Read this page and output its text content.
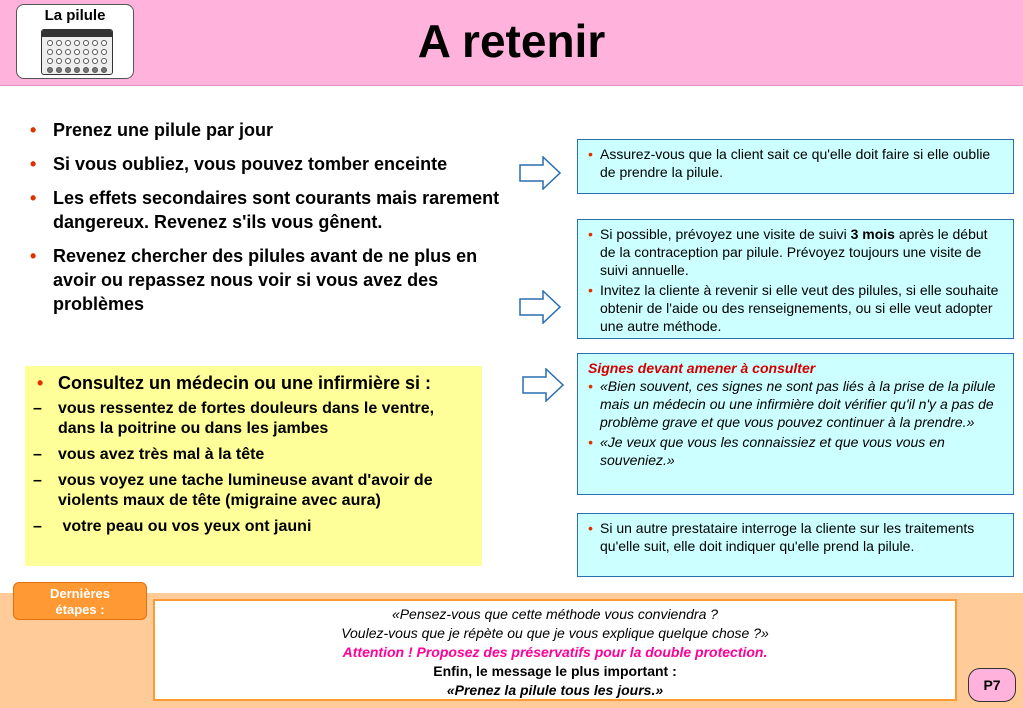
La pilule	A retenir
• Prenez une pilule par jour
• Si vous oubliez, vous pouvez tomber enceinte
• Les effets secondaires sont courants mais rarement dangereux. Revenez s'ils vous gênent.
• Revenez chercher des pilules avant de ne plus en avoir ou repassez nous voir si vous avez des problèmes
• Consultez un médecin ou une infirmière si :
– vous ressentez de fortes douleurs dans le ventre, dans la poitrine ou dans les jambes
– vous avez très mal à la tête
– vous voyez une tache lumineuse avant d'avoir de violents maux de tête (migraine avec aura)
– votre peau ou vos yeux ont jauni
• Assurez-vous que la client sait ce qu'elle doit faire si elle oublie de prendre la pilule.
• Si possible, prévoyez une visite de suivi 3 mois après le début de la contraception par pilule. Prévoyez toujours une visite de suivi annuelle.
• Invitez la cliente à revenir si elle veut des pilules, si elle souhaite obtenir de l'aide ou des renseignements, ou si elle veut adopter une autre méthode.
Signes devant amener à consulter
• «Bien souvent, ces signes ne sont pas liés à la prise de la pilule mais un médecin ou une infirmière doit vérifier qu'il n'y a pas de problème grave et que vous pouvez continuer à la prendre.»
• «Je veux que vous les connaissiez et que vous vous en souveniez.»
• Si un autre prestataire interroge la cliente sur les traitements qu'elle suit, elle doit indiquer qu'elle prend la pilule.
Dernières
étapes :	«Pensez-vous que cette méthode vous conviendra ?
Voulez-vous que je répète ou que je vous explique quelque chose ?»
Attention ! Proposez des préservatifs pour la double protection.
Enfin, le message le plus important :
«Prenez la pilule tous les jours.»	P7
